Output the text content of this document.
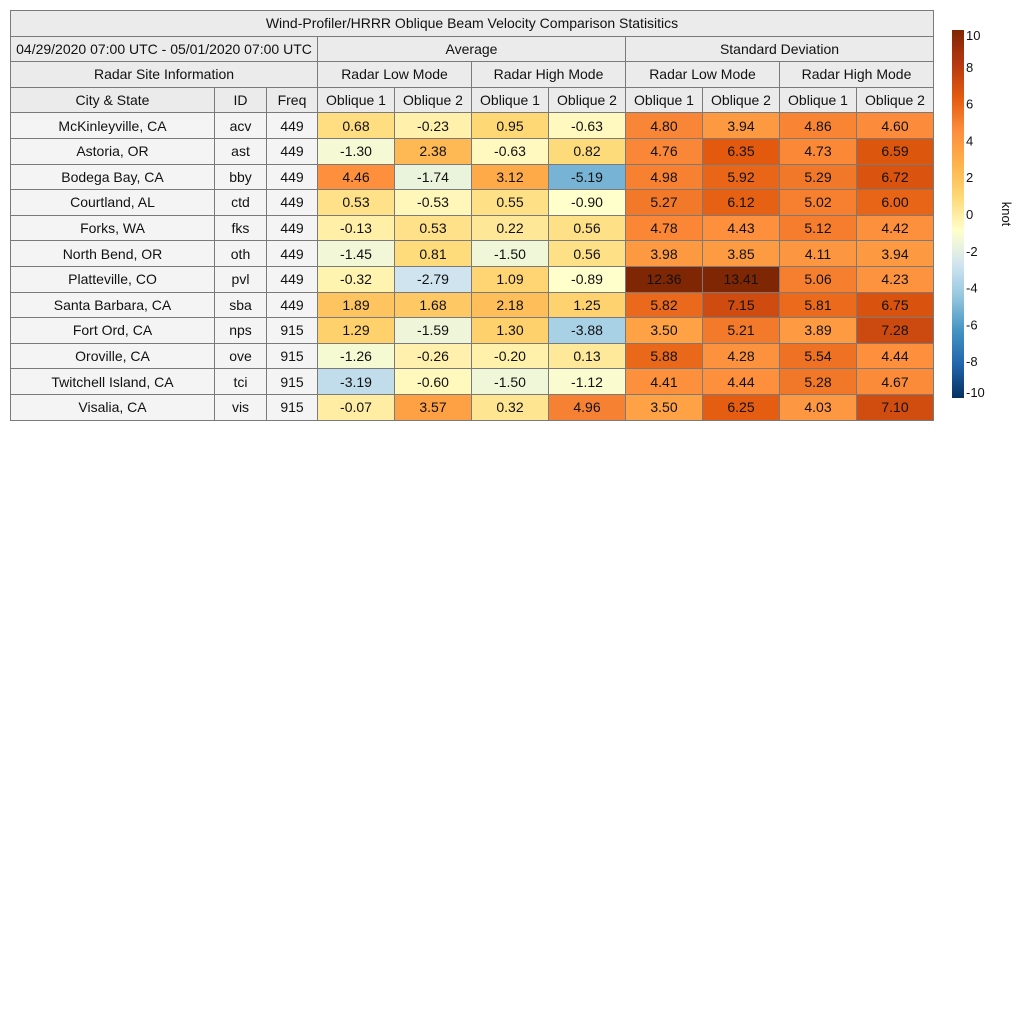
Wind-Profiler/HRRR Oblique Beam Velocity Comparison Statisitics										
04/29/2020 07:00 UTC - 05/01/2020 07:00 UTC			Average				Standard Deviation			
Radar Site Information			Radar Low Mode		Radar High Mode		Radar Low Mode		Radar High Mode	
City & State	ID	Freq	Oblique 1	Oblique 2	Oblique 1	Oblique 2	Oblique 1	Oblique 2	Oblique 1	Oblique 2
McKinleyville, CA	acv	449	0.68	-0.23	0.95	-0.63	4.80	3.94	4.86	4.60
Astoria, OR	ast	449	-1.30	2.38	-0.63	0.82	4.76	6.35	4.73	6.59
Bodega Bay, CA	bby	449	4.46	-1.74	3.12	-5.19	4.98	5.92	5.29	6.72
Courtland, AL	ctd	449	0.53	-0.53	0.55	-0.90	5.27	6.12	5.02	6.00
Forks, WA	fks	449	-0.13	0.53	0.22	0.56	4.78	4.43	5.12	4.42
North Bend, OR	oth	449	-1.45	0.81	-1.50	0.56	3.98	3.85	4.11	3.94
Platteville, CO	pvl	449	-0.32	-2.79	1.09	-0.89	12.36	13.41	5.06	4.23
Santa Barbara, CA	sba	449	1.89	1.68	2.18	1.25	5.82	7.15	5.81	6.75
Fort Ord, CA	nps	915	1.29	-1.59	1.30	-3.88	3.50	5.21	3.89	7.28
Oroville, CA	ove	915	-1.26	-0.26	-0.20	0.13	5.88	4.28	5.54	4.44
Twitchell Island, CA	tci	915	-3.19	-0.60	-1.50	-1.12	4.41	4.44	5.28	4.67
Visalia, CA	vis	915	-0.07	3.57	0.32	4.96	3.50	6.25	4.03	7.10
10
8
6
4
2
0
-2
-4
-6
-8
-10
knot
